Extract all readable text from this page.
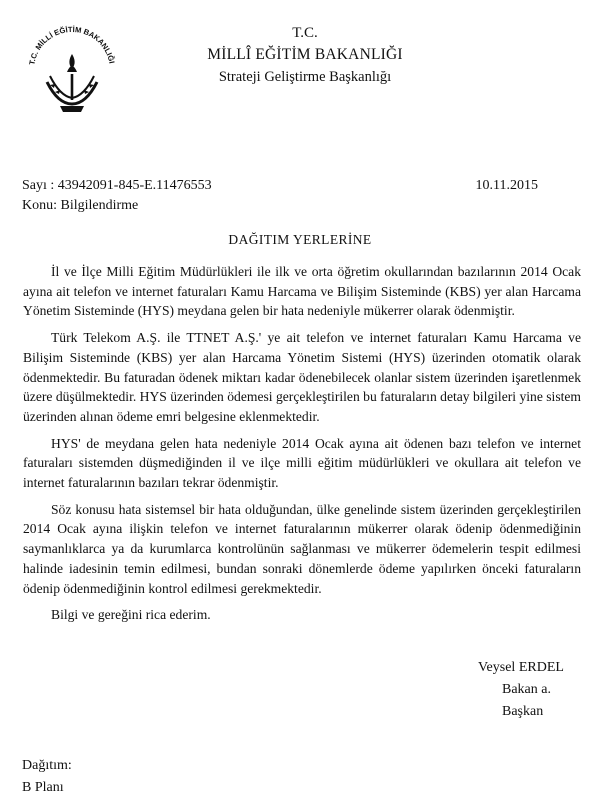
T.C. MİLLİ EĞİTİM BAKANLIĞI
T.C.
MİLLÎ EĞİTİM BAKANLIĞI
Strateji Geliştirme Başkanlığı
Sayı : 43942091-845-E.11476553
Konu: Bilgilendirme
10.11.2015
DAĞITIM YERLERİNE

İl ve İlçe Milli Eğitim Müdürlükleri ile ilk ve orta öğretim okullarından bazılarının 2014 Ocak ayına ait telefon ve internet faturaları Kamu Harcama ve Bilişim Sisteminde (KBS) yer alan Harcama Yönetim Sisteminde (HYS) meydana gelen bir hata nedeniyle mükerrer olarak ödenmiştir.

Türk Telekom A.Ş. ile TTNET A.Ş.' ye ait telefon ve internet faturaları Kamu Harcama ve Bilişim Sisteminde (KBS) yer alan Harcama Yönetim Sistemi (HYS) üzerinden otomatik olarak ödenmektedir. Bu faturadan ödenek miktarı kadar ödenebilecek olanlar sistem üzerinden işaretlenmek üzere düşülmektedir. HYS üzerinden ödemesi gerçekleştirilen bu faturaların detay bilgileri yine sistem üzerinden alınan ödeme emri belgesine eklenmektedir.

HYS' de meydana gelen hata nedeniyle 2014 Ocak ayına ait ödenen bazı telefon ve internet faturaları sistemden düşmediğinden il ve ilçe milli eğitim müdürlükleri ve okullara ait telefon ve internet faturalarının bazıları tekrar ödenmiştir.

Söz konusu hata sistemsel bir hata olduğundan, ülke genelinde sistem üzerinden gerçekleştirilen 2014 Ocak ayına ilişkin telefon ve internet faturalarının mükerrer olarak ödenip ödenmediğinin saymanlıklarca ya da kurumlarca kontrolünün sağlanması ve mükerrer ödemelerin tespit edilmesi halinde iadesinin temin edilmesi, bundan sonraki dönemlerde ödeme yapılırken önceki faturaların ödenip ödenmediğinin kontrol edilmesi gerekmektedir.

Bilgi ve gereğini rica ederim.

Veysel ERDEL
Bakan a.
Başkan
Dağıtım:
B Planı
